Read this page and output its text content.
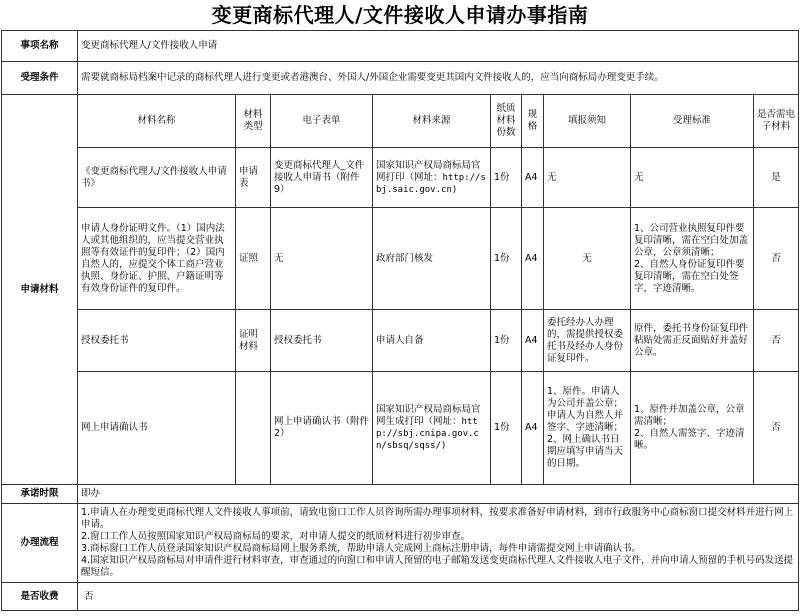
变更商标代理人/文件接收人申请办事指南
事项名称	变更商标代理人/文件接收人申请								
受理条件	需要就商标局档案中记录的商标代理人进行变更或者港澳台、外国人/外国企业需要变更其国内文件接收人的，应当向商标局办理变更手续。								
申请材料	材料名称	材料类型	电子表单	材料来源	纸质材料份数	规格	填报须知	受理标准	是否需电子材料
	《变更商标代理人/文件接收人申请书》	申请表	变更商标代理人_文件接收人申请书（附件9）	国家知识产权局商标局官网打印（网址：http://sbj.saic.gov.cn)	1份	A4	无	无	是
	申请人身份证明文件。（1）国内法人或其他组织的，应当提交营业执照等有效证件的复印件；（2）国内自然人的，应提交个体工商户营业执照、身份证、护照、户籍证明等有效身份证件的复印件。	证照	无	政府部门核发	1份	A4	无	1、公司营业执照复印件要复印清晰，需在空白处加盖公章，公章须清晰；
2、自然人身份证复印件要复印清晰，需在空白处签字，字迹清晰。	否
	授权委托书	证明材料	授权委托书	申请人自备	1份	A4	委托经办人办理的，需提供授权委托书及经办人身份证复印件。	原件，委托书身份证复印件粘贴处需正反面贴好并盖好公章。	否
	网上申请确认书		网上申请确认书（附件2）	国家知识产权局商标局官网生成打印（网址：http://sbj.cnipa.gov.cn/sbsq/sqss/)	1份	A4	1、原件。申请人为公司并盖公章；申请人为自然人并签字、字迹清晰；
2、网上确认书日期应填写申请当天的日期。	1、原件并加盖公章，公章需清晰；
2、自然人需签字、字迹清晰。	否
承诺时限	即办								
办理流程	1.申请人在办理变更商标代理人文件接收人事项前，请致电窗口工作人员咨询所需办理事项材料，按要求准备好申请材料，到市行政服务中心商标窗口提交材料并进行网上申请。
2.窗口工作人员按照国家知识产权局商标局的要求，对申请人提交的纸质材料进行初步审查。
3.商标窗口工作人员登录国家知识产权局商标局网上服务系统，帮助申请人完成网上商标注册申请，每件申请需提交网上申请确认书。
4.国家知识产权局商标局对申请件进行材料审查，审查通过的向窗口和申请人预留的电子邮箱发送变更商标代理人文件接收人电子文件，并向申请人预留的手机号码发送提醒短信。								

是否收费	否								
